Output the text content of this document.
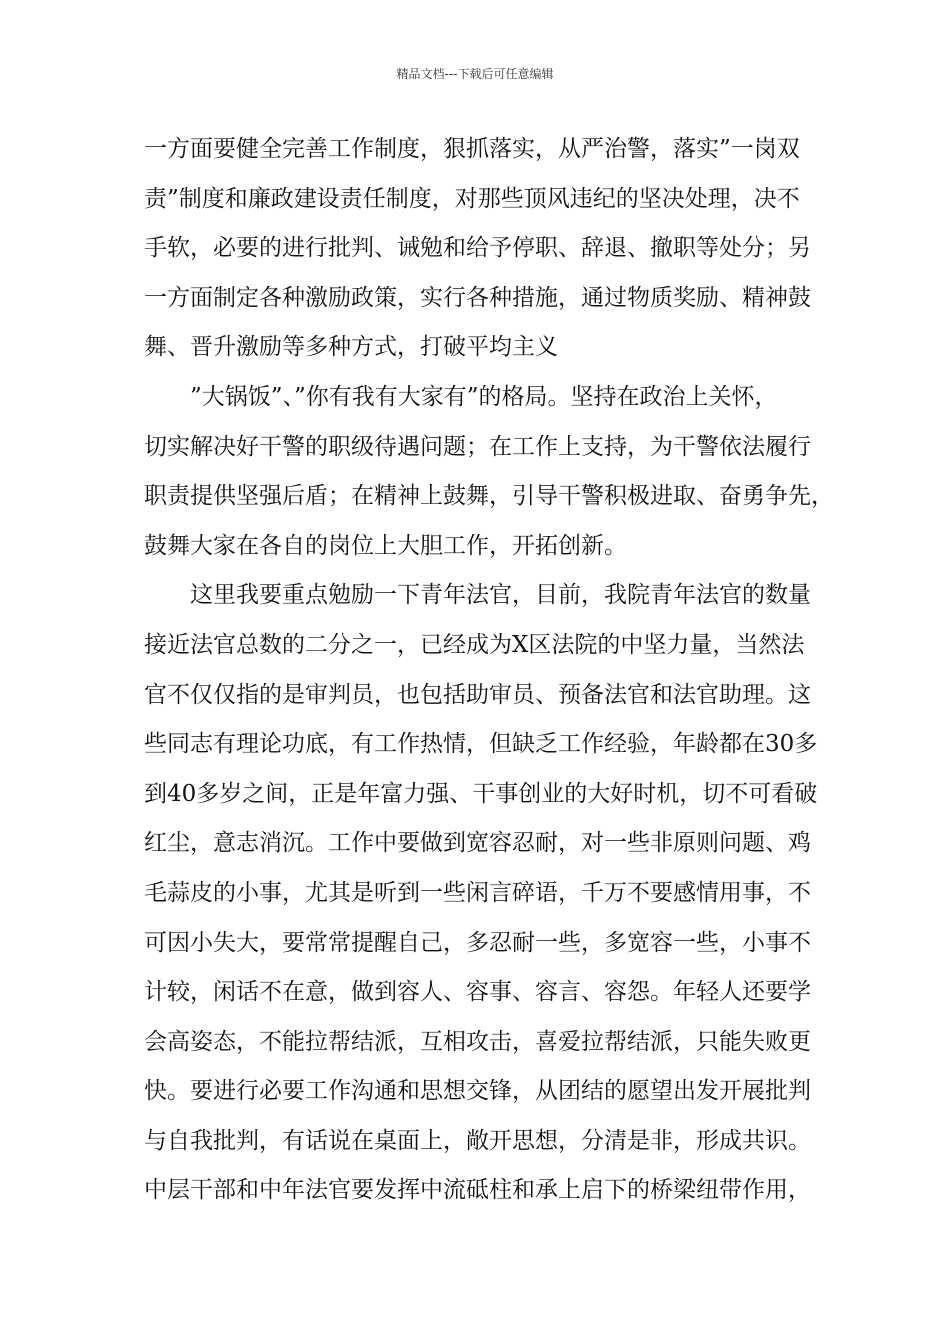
精品文档---下载后可任意编辑
一方面要健全完善工作制度，狠抓落实，从严治警，落实”一岗双
责”制度和廉政建设责任制度，对那些顶风违纪的坚决处理，决不
手软，必要的进行批判、诫勉和给予停职、辞退、撤职等处分；另
一方面制定各种激励政策，实行各种措施，通过物质奖励、精神鼓
舞、晋升激励等多种方式，打破平均主义
”大锅饭”、”你有我有大家有”的格局。坚持在政治上关怀，
切实解决好干警的职级待遇问题；在工作上支持，为干警依法履行
职责提供坚强后盾；在精神上鼓舞，引导干警积极进取、奋勇争先，
鼓舞大家在各自的岗位上大胆工作，开拓创新。
这里我要重点勉励一下青年法官，目前，我院青年法官的数量
接近法官总数的二分之一，已经成为X区法院的中坚力量，当然法
官不仅仅指的是审判员，也包括助审员、预备法官和法官助理。这
些同志有理论功底，有工作热情，但缺乏工作经验，年龄都在30多
到40多岁之间，正是年富力强、干事创业的大好时机，切不可看破
红尘，意志消沉。工作中要做到宽容忍耐，对一些非原则问题、鸡
毛蒜皮的小事，尤其是听到一些闲言碎语，千万不要感情用事，不
可因小失大，要常常提醒自己，多忍耐一些，多宽容一些，小事不
计较，闲话不在意，做到容人、容事、容言、容怨。年轻人还要学
会高姿态，不能拉帮结派，互相攻击，喜爱拉帮结派，只能失败更
快。要进行必要工作沟通和思想交锋，从团结的愿望出发开展批判
与自我批判，有话说在桌面上，敞开思想，分清是非，形成共识。
中层干部和中年法官要发挥中流砥柱和承上启下的桥梁纽带作用，
